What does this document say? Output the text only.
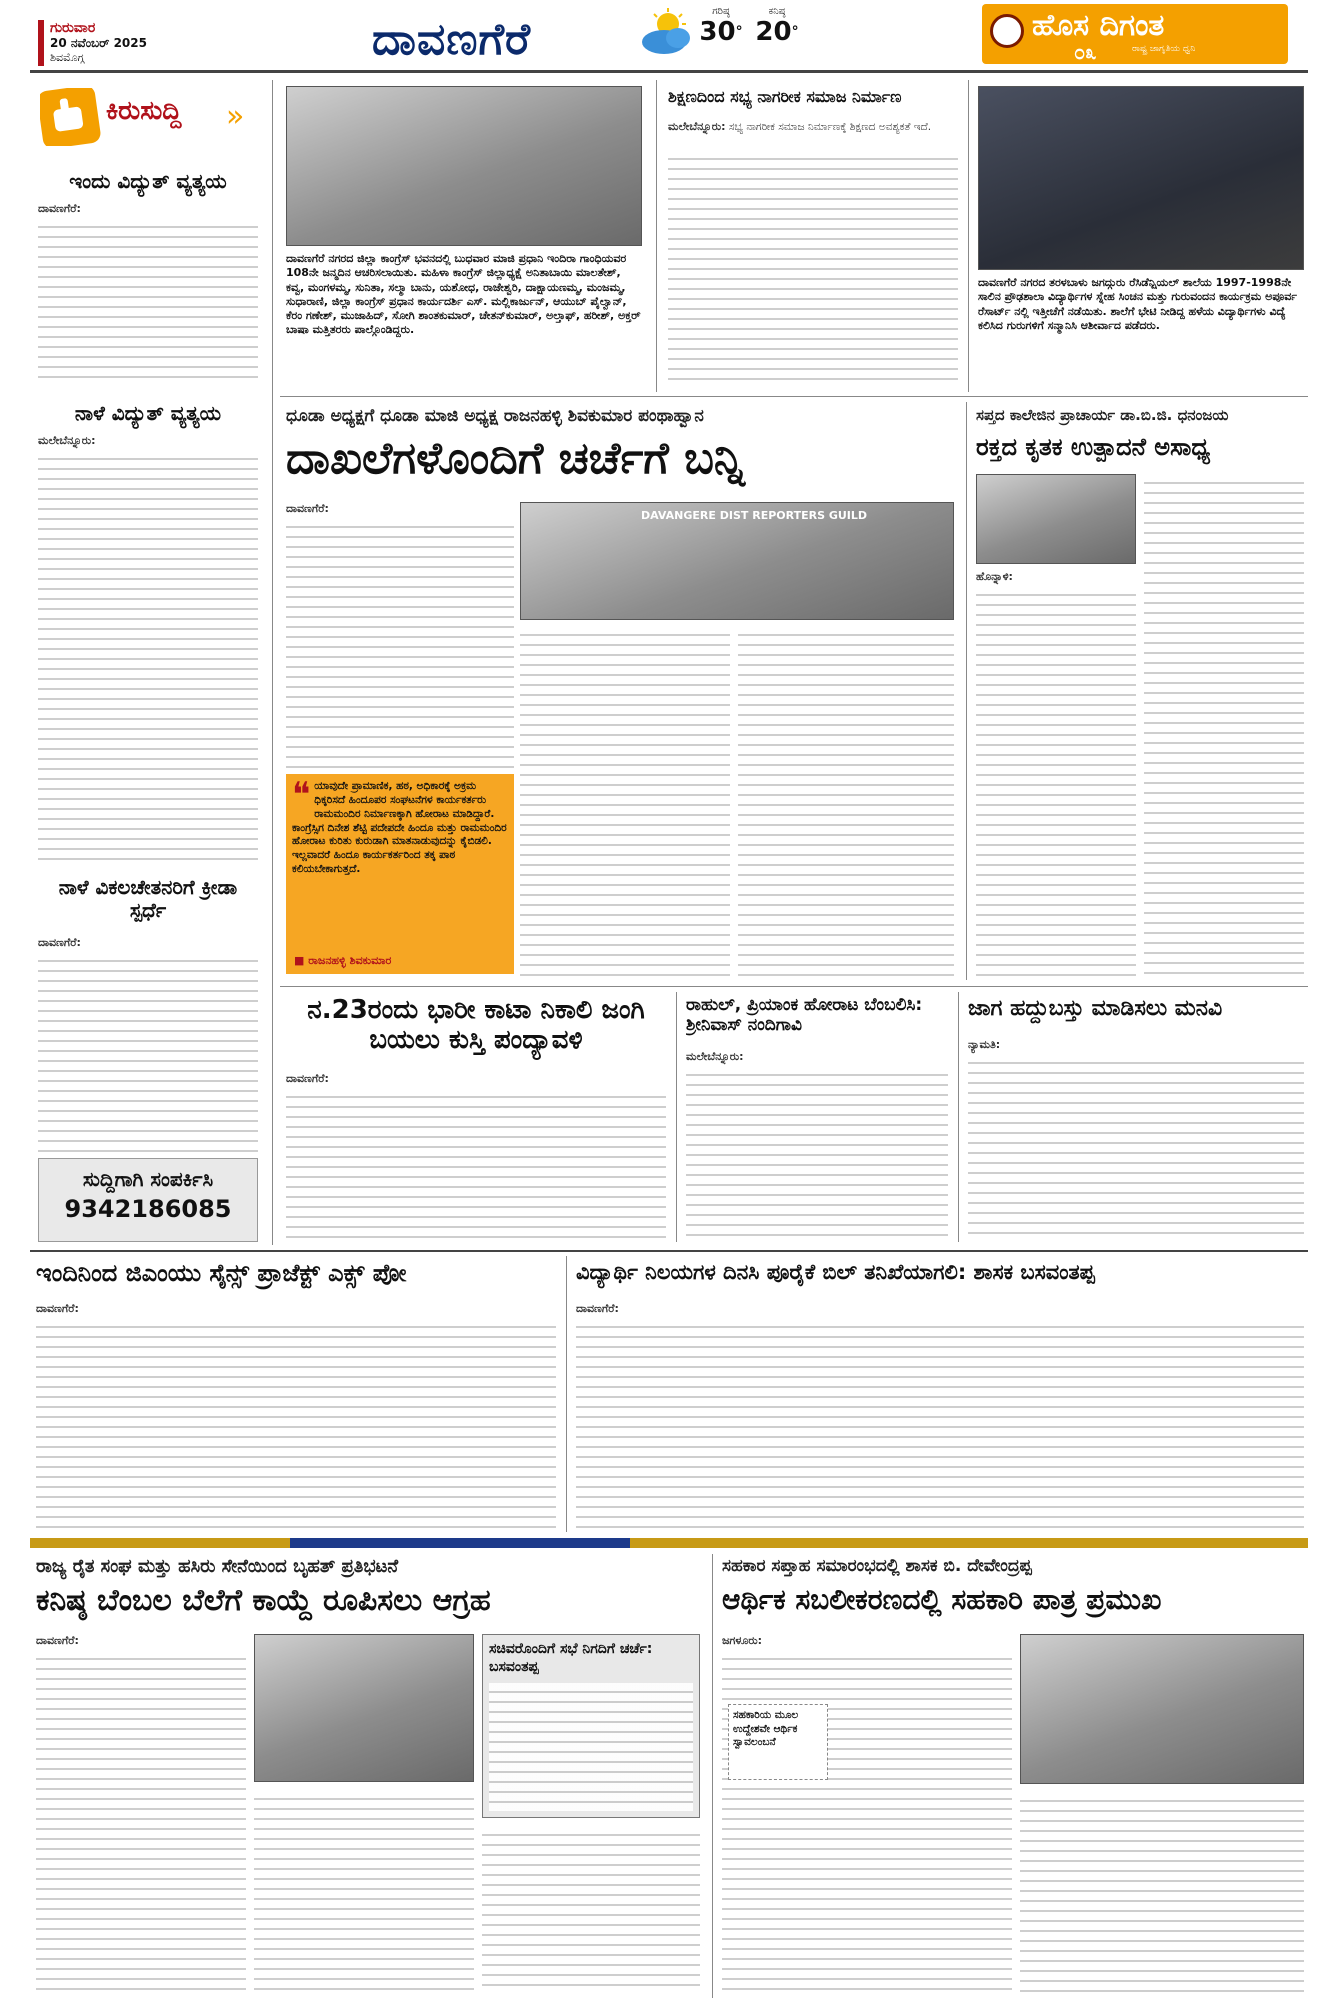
ಗುರುವಾರ
20 ನವೆಂಬರ್ 2025
ಶಿವಮೊಗ್ಗ	ದಾವಣಗೆರೆ
ಗರಿಷ್ಠ
30°
ಕನಿಷ್ಠ
20°	ಹೊಸ ದಿಗಂತ
ರಾಷ್ಟ್ರ ಜಾಗೃತಿಯ ಧ್ವನಿ
೦೩
ಕಿರುಸುದ್ದಿ	»
ಇಂದು ವಿದ್ಯುತ್ ವ್ಯತ್ಯಯ
ದಾವಣಗೆರೆ:
ನಾಳೆ ವಿದ್ಯುತ್ ವ್ಯತ್ಯಯ
ಮಲೇಬೆನ್ನೂರು:
ನಾಳೆ ವಿಕಲಚೇತನರಿಗೆ ಕ್ರೀಡಾ ಸ್ಪರ್ಧೆ
ದಾವಣಗೆರೆ:
ಸುದ್ದಿಗಾಗಿ ಸಂಪರ್ಕಿಸಿ
9342186085
ದಾವಣಗೆರೆ ನಗರದ ಜಿಲ್ಲಾ ಕಾಂಗ್ರೆಸ್ ಭವನದಲ್ಲಿ ಬುಧವಾರ ಮಾಜಿ ಪ್ರಧಾನಿ ಇಂದಿರಾ ಗಾಂಧಿಯವರ 108ನೇ ಜನ್ಮದಿನ ಆಚರಿಸಲಾಯಿತು. ಮಹಿಳಾ ಕಾಂಗ್ರೆಸ್ ಜಿಲ್ಲಾಧ್ಯಕ್ಷೆ ಅನಿತಾಬಾಯಿ ಮಾಲತೇಶ್, ಕವ್ವ, ಮಂಗಳಮ್ಮ, ಸುನಿತಾ, ಸಲ್ಮಾ ಬಾನು, ಯಶೋಧ, ರಾಜೇಶ್ವರಿ, ದಾಕ್ಷಾಯಣಮ್ಮ, ಮಂಜಮ್ಮ, ಸುಧಾರಾಣಿ, ಜಿಲ್ಲಾ ಕಾಂಗ್ರೆಸ್ ಪ್ರಧಾನ ಕಾರ್ಯದರ್ಶಿ ಎಸ್. ಮಲ್ಲಿಕಾರ್ಜುನ್, ಆಯುಬ್ ಪೈಲ್ವಾನ್, ಕೆರಂ ಗಣೇಶ್, ಮುಜಾಹಿದ್, ಸೋಗಿ ಶಾಂತಕುಮಾರ್, ಚೇತನ್‌ಕುಮಾರ್, ಅಲ್ತಾಫ್, ಹರೀಶ್, ಅಕ್ತರ್ ಬಾಷಾ ಮತ್ತಿತರರು ಪಾಲ್ಗೊಂಡಿದ್ದರು.
ಶಿಕ್ಷಣದಿಂದ ಸಭ್ಯ ನಾಗರೀಕ ಸಮಾಜ ನಿರ್ಮಾಣ
ಮಲೇಬೆನ್ನೂರು: ಸಭ್ಯ ನಾಗರೀಕ ಸಮಾಜ ನಿರ್ಮಾಣಕ್ಕೆ ಶಿಕ್ಷಣದ ಅವಶ್ಯಕತೆ ಇದೆ.
ದಾವಣಗೆರೆ ನಗರದ ತರಳಬಾಳು ಜಗದ್ಗುರು ರೆಸಿಡೆನ್ಷಿಯಲ್ ಶಾಲೆಯ 1997-1998ನೇ ಸಾಲಿನ ಪ್ರೌಢಶಾಲಾ ವಿದ್ಯಾರ್ಥಿಗಳ ಸ್ನೇಹ ಸಿಂಚನ ಮತ್ತು ಗುರುವಂದನ ಕಾರ್ಯಕ್ರಮ ಅಪೂರ್ವ ರೆಸಾರ್ಟ್ ನಲ್ಲಿ ಇತ್ತೀಚೆಗೆ ನಡೆಯಿತು. ಶಾಲೆಗೆ ಭೇಟಿ ನೀಡಿದ್ದ ಹಳೆಯ ವಿದ್ಯಾರ್ಥಿಗಳು ವಿದ್ಯೆ ಕಲಿಸಿದ ಗುರುಗಳಿಗೆ ಸನ್ಮಾನಿಸಿ ಆಶೀರ್ವಾದ ಪಡೆದರು.
ಧೂಡಾ ಅಧ್ಯಕ್ಷಗೆ ಧೂಡಾ ಮಾಜಿ ಅಧ್ಯಕ್ಷ ರಾಜನಹಳ್ಳಿ ಶಿವಕುಮಾರ ಪಂಥಾಹ್ವಾನ
ದಾಖಲೆಗಳೊಂದಿಗೆ ಚರ್ಚೆಗೆ ಬನ್ನಿ
ದಾವಣಗೆರೆ:
DAVANGERE DIST REPORTERS GUILD
❝ ಯಾವುದೇ ಪ್ರಾಮಾಣಿಕ, ಹಠ, ಅಧಿಕಾರಕ್ಕೆ ಅಕ್ರಮ ಧಿಕ್ಕರಿಸದೆ ಹಿಂದೂಪರ ಸಂಘಟನೆಗಳ ಕಾರ್ಯಕರ್ತರು ರಾಮಮಂದಿರ ನಿರ್ಮಾಣಕ್ಕಾಗಿ ಹೋರಾಟ ಮಾಡಿದ್ದಾರೆ. ಕಾಂಗ್ರೆಸ್ಸಿಗ ದಿನೇಶ ಶೆಟ್ಟಿ ಪದೇಪದೇ ಹಿಂದೂ ಮತ್ತು ರಾಮಮಂದಿರ ಹೋರಾಟ ಕುರಿತು ಕುರುಡಾಗಿ ಮಾತನಾಡುವುದನ್ನು ಕೈಬಿಡಲಿ. ಇಲ್ಲವಾದರೆ ಹಿಂದೂ ಕಾರ್ಯಕರ್ತರಿಂದ ತಕ್ಕ ಪಾಠ ಕಲಿಯಬೇಕಾಗುತ್ತದೆ.
■ ರಾಜನಹಳ್ಳಿ ಶಿವಕುಮಾರ
ಸಪ್ತದ ಕಾಲೇಜಿನ ಪ್ರಾಚಾರ್ಯ ಡಾ.ಬಿ.ಜಿ. ಧನಂಜಯ
ರಕ್ತದ ಕೃತಕ ಉತ್ಪಾದನೆ ಅಸಾಧ್ಯ
ಹೊನ್ನಾಳಿ:
ನ.23ರಂದು ಭಾರೀ ಕಾಟಾ ನಿಕಾಲಿ ಜಂಗಿ ಬಯಲು ಕುಸ್ತಿ ಪಂದ್ಯಾವಳಿ
ದಾವಣಗೆರೆ:
ರಾಹುಲ್, ಪ್ರಿಯಾಂಕ ಹೋರಾಟ ಬೆಂಬಲಿಸಿ: ಶ್ರೀನಿವಾಸ್ ನಂದಿಗಾವಿ
ಮಲೇಬೆನ್ನೂರು:
ಜಾಗ ಹದ್ದುಬಸ್ತು ಮಾಡಿಸಲು ಮನವಿ
ನ್ಯಾಮತಿ:
ಇಂದಿನಿಂದ ಜಿಎಂಯು ಸೈನ್ಸ್ ಪ್ರಾಜೆಕ್ಟ್ ಎಕ್ಸ್ ಪೋ
ದಾವಣಗೆರೆ:
ವಿದ್ಯಾರ್ಥಿ ನಿಲಯಗಳ ದಿನಸಿ ಪೂರೈಕೆ ಬಿಲ್ ತನಿಖೆಯಾಗಲಿ: ಶಾಸಕ ಬಸವಂತಪ್ಪ
ದಾವಣಗೆರೆ:
ರಾಜ್ಯ ರೈತ ಸಂಘ ಮತ್ತು ಹಸಿರು ಸೇನೆಯಿಂದ ಬೃಹತ್ ಪ್ರತಿಭಟನೆ
ಕನಿಷ್ಠ ಬೆಂಬಲ ಬೆಲೆಗೆ ಕಾಯ್ದೆ ರೂಪಿಸಲು ಆಗ್ರಹ
ದಾವಣಗೆರೆ:
ಸಚಿವರೊಂದಿಗೆ ಸಭೆ ನಿಗದಿಗೆ ಚರ್ಚೆ: ಬಸವಂತಪ್ಪ
ಸಹಕಾರ ಸಪ್ತಾಹ ಸಮಾರಂಭದಲ್ಲಿ ಶಾಸಕ ಬಿ. ದೇವೇಂದ್ರಪ್ಪ
ಆರ್ಥಿಕ ಸಬಲೀಕರಣದಲ್ಲಿ ಸಹಕಾರಿ ಪಾತ್ರ ಪ್ರಮುಖ
ಜಗಳೂರು:
ಸಹಕಾರಿಯ ಮೂಲ ಉದ್ದೇಶವೇ ಆರ್ಥಿಕ ಸ್ವಾವಲಂಬನೆ
